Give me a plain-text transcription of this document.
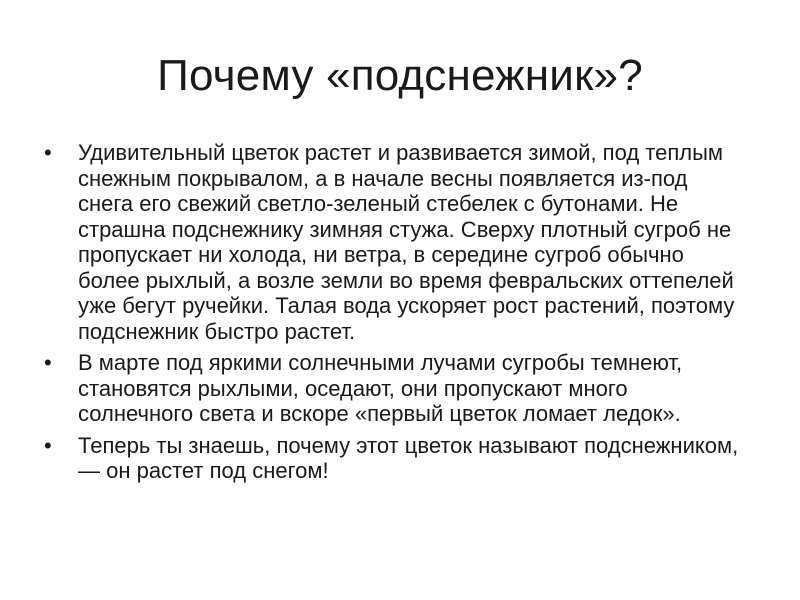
Почему «подснежник»?
•	Удивительный цветок растет и развивается зимой, под теплым снежным покрывалом, а в начале весны появляется из-под снега его свежий светло-зеленый стебелек с бутонами. Не страшна подснежнику зимняя стужа. Сверху плотный сугроб не пропускает ни холода, ни ветра, в середине сугроб обычно более рыхлый, а возле земли во время февральских оттепелей уже бегут ручейки. Талая вода ускоряет рост растений, поэтому подснежник быстро растет.
•	В марте под яркими солнечными лучами сугробы темнеют, становятся рыхлыми, оседают, они пропускают много солнечного света и вскоре «первый цветок ломает ледок».
•	Теперь ты знаешь, почему этот цветок называют подснежником, — он растет под снегом!
